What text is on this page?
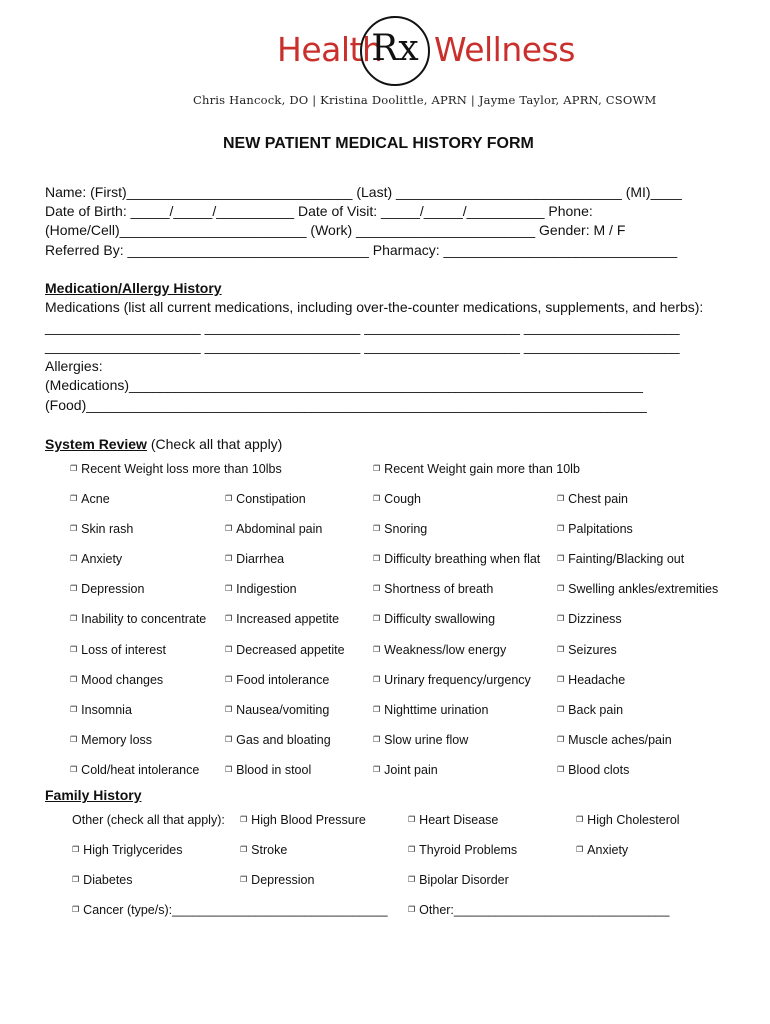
Health
Rx Wellness
Chris Hancock, DO | Kristina Doolittle, APRN | Jayme Taylor, APRN, CSOWM
NEW PATIENT MEDICAL HISTORY FORM
Name: (First)_____________________________ (Last) _____________________________ (MI)____
Date of Birth: _____/_____/__________ Date of Visit: _____/_____/__________ Phone:
(Home/Cell)________________________ (Work) _______________________ Gender: M / F
Referred By: _______________________________ Pharmacy: ______________________________
Medication/Allergy History
Medications (list all current medications, including over-the-counter medications, supplements, and herbs):
____________________ ____________________ ____________________ ____________________
____________________ ____________________ ____________________ ____________________
Allergies:
(Medications)__________________________________________________________________
(Food)________________________________________________________________________
System Review (Check all that apply)
❐ Recent Weight loss more than 10lbs	❐ Recent Weight gain more than 10lb
❐ Acne	❐ Constipation	❐ Cough	❐ Chest pain
❐ Skin rash	❐ Abdominal pain	❐ Snoring	❐ Palpitations
❐ Anxiety	❐ Diarrhea	❐ Difficulty breathing when flat ❐ Fainting/Blacking out
❐ Depression	❐ Indigestion	❐ Shortness of breath	❐ Swelling ankles/extremities
❐ Inability to concentrate ❐ Increased appetite	❐ Difficulty swallowing	❐ Dizziness
❐ Loss of interest	❐ Decreased appetite	❐ Weakness/low energy	❐ Seizures
❐ Mood changes	❐ Food intolerance	❐ Urinary frequency/urgency	❐ Headache
❐ Insomnia	❐ Nausea/vomiting	❐ Nighttime urination	❐ Back pain
❐ Memory loss	❐ Gas and bloating	❐ Slow urine flow	❐ Muscle aches/pain
❐ Cold/heat intolerance	❐ Blood in stool	❐ Joint pain	❐ Blood clots
Family History
Other (check all that apply): ❐ High Blood Pressure	❐ Heart Disease	❐ High Cholesterol
❐ High Triglycerides	❐ Stroke	❐ Thyroid Problems	❐ Anxiety
❐ Diabetes	❐ Depression	❐ Bipolar Disorder
❐ Cancer (type/s):_______________________________	❐ Other:_______________________________
